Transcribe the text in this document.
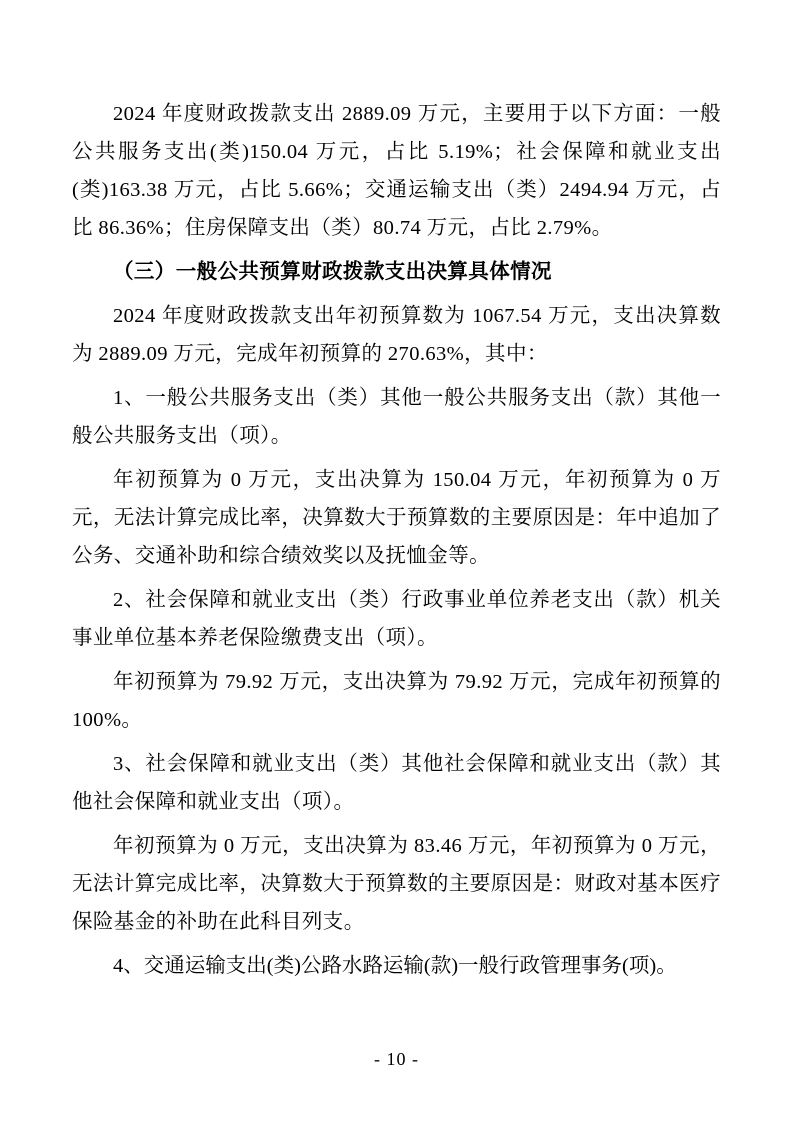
2024 年度财政拨款支出 2889.09 万元，主要用于以下方面：一般公共服务支出(类)150.04 万元，占比 5.19%；社会保障和就业支出(类)163.38 万元，占比 5.66%；交通运输支出（类）2494.94 万元，占比 86.36%；住房保障支出（类）80.74 万元，占比 2.79%。

（三）一般公共预算财政拨款支出决算具体情况

2024 年度财政拨款支出年初预算数为 1067.54 万元，支出决算数为 2889.09 万元，完成年初预算的 270.63%，其中：

1、一般公共服务支出（类）其他一般公共服务支出（款）其他一般公共服务支出（项）。

年初预算为 0 万元，支出决算为 150.04 万元，年初预算为 0 万元，无法计算完成比率，决算数大于预算数的主要原因是：年中追加了公务、交通补助和综合绩效奖以及抚恤金等。

2、社会保障和就业支出（类）行政事业单位养老支出（款）机关事业单位基本养老保险缴费支出（项）。

年初预算为 79.92 万元，支出决算为 79.92 万元，完成年初预算的 100%。

3、社会保障和就业支出（类）其他社会保障和就业支出（款）其他社会保障和就业支出（项）。

年初预算为 0 万元，支出决算为 83.46 万元，年初预算为 0 万元，无法计算完成比率，决算数大于预算数的主要原因是：财政对基本医疗保险基金的补助在此科目列支。

4、交通运输支出(类)公路水路运输(款)一般行政管理事务(项)。

- 10 -
